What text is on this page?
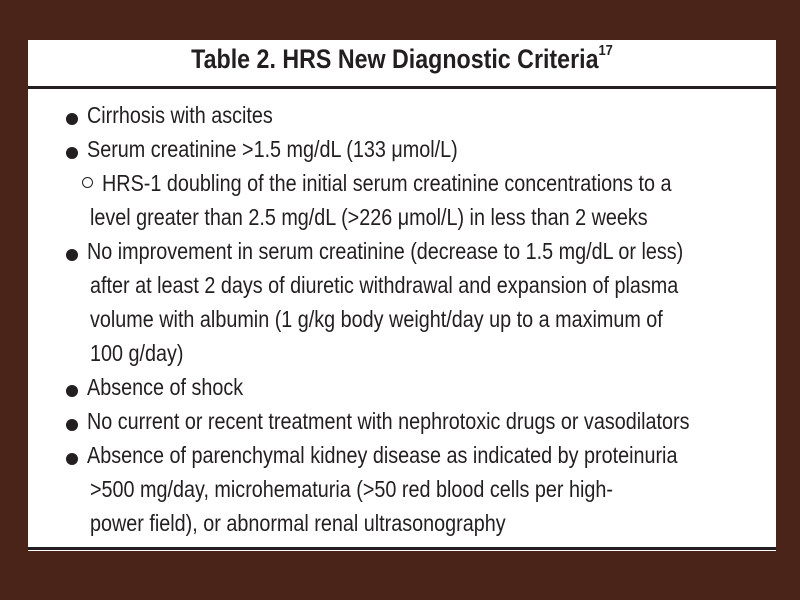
Table 2. HRS New Diagnostic Criteria$^{17}$
Cirrhosis with ascites
Serum creatinine >1.5 mg/dL (133 μmol/L)
HRS-1 doubling of the initial serum creatinine concentrations to a
level greater than 2.5 mg/dL (>226 μmol/L) in less than 2 weeks
No improvement in serum creatinine (decrease to 1.5 mg/dL or less)
after at least 2 days of diuretic withdrawal and expansion of plasma
volume with albumin (1 g/kg body weight/day up to a maximum of
100 g/day)
Absence of shock
No current or recent treatment with nephrotoxic drugs or vasodilators
Absence of parenchymal kidney disease as indicated by proteinuria
>500 mg/day, microhematuria (>50 red blood cells per high-
power field), or abnormal renal ultrasonography
